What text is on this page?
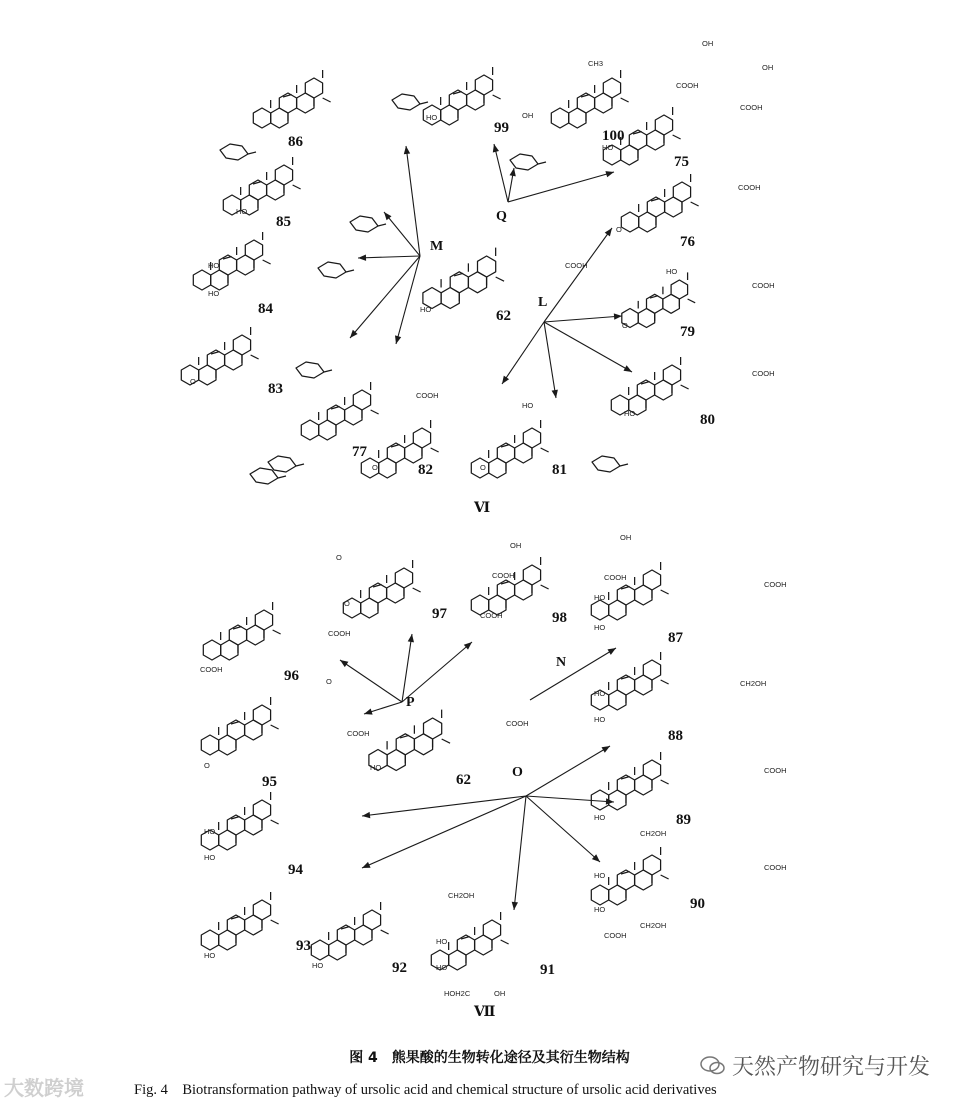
62
75
76
77
79
80
81
82
83
84
85
86
87
88
89
90
91
92
93
94
95
96
97	98
99	100
62
COOH
HO
COOH
O
COOH
HO
O
COOH
HO
COOH
OH
OH
COOH
CH3
HO	OH
HO
O
HO
HO
HO
COOH
O	O
HO
COOH	COOH
OH
OH
COOH
O
O
COOH
COOH
COOH
HO
HO
CH2OH
HO
HO
O
COOH
O
COOH
HO	COOH
HO
CH2OH
HO
HO
COOH
HO
HO
CH2OH
HO
CH2OH
HO
COOH
HO
HO
HOH2C	OH
M
Q
L
N
O
P
Ⅵ
Ⅶ
图 4　熊果酸的生物转化途径及其衍生物结构
Fig. 4　Biotransformation pathway of ursolic acid and chemical structure of ursolic acid derivatives
天然产物研究与开发
大数跨境
